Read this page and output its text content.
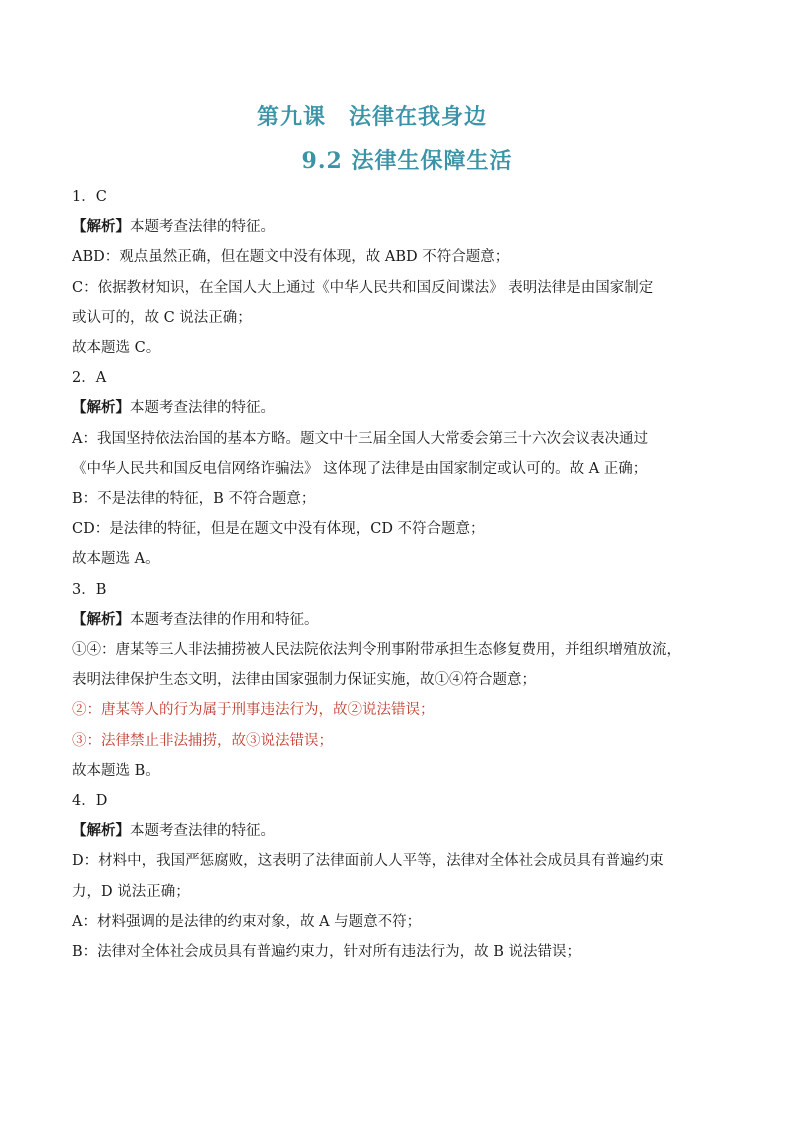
第九课　法律在我身边
9.2 法律生保障生活
1．C
【解析】本题考查法律的特征。
ABD：观点虽然正确，但在题文中没有体现，故 ABD 不符合题意；
C：依据教材知识，在全国人大上通过《中华人民共和国反间谍法》 表明法律是由国家制定
或认可的，故 C 说法正确；
故本题选 C。
2．A
【解析】本题考查法律的特征。
A：我国坚持依法治国的基本方略。题文中十三届全国人大常委会第三十六次会议表决通过
《中华人民共和国反电信网络诈骗法》 这体现了法律是由国家制定或认可的。故 A 正确；
B：不是法律的特征，B 不符合题意；
CD：是法律的特征，但是在题文中没有体现，CD 不符合题意；
故本题选 A。
3．B
【解析】本题考查法律的作用和特征。
①④：唐某等三人非法捕捞被人民法院依法判令刑事附带承担生态修复费用，并组织增殖放流，
表明法律保护生态文明，法律由国家强制力保证实施，故①④符合题意；
②：唐某等人的行为属于刑事违法行为，故②说法错误；
③：法律禁止非法捕捞，故③说法错误；
故本题选 B。
4．D
【解析】本题考查法律的特征。
D：材料中，我国严惩腐败，这表明了法律面前人人平等，法律对全体社会成员具有普遍约束
力，D 说法正确；
A：材料强调的是法律的约束对象，故 A 与题意不符；
B：法律对全体社会成员具有普遍约束力，针对所有违法行为，故 B 说法错误；
